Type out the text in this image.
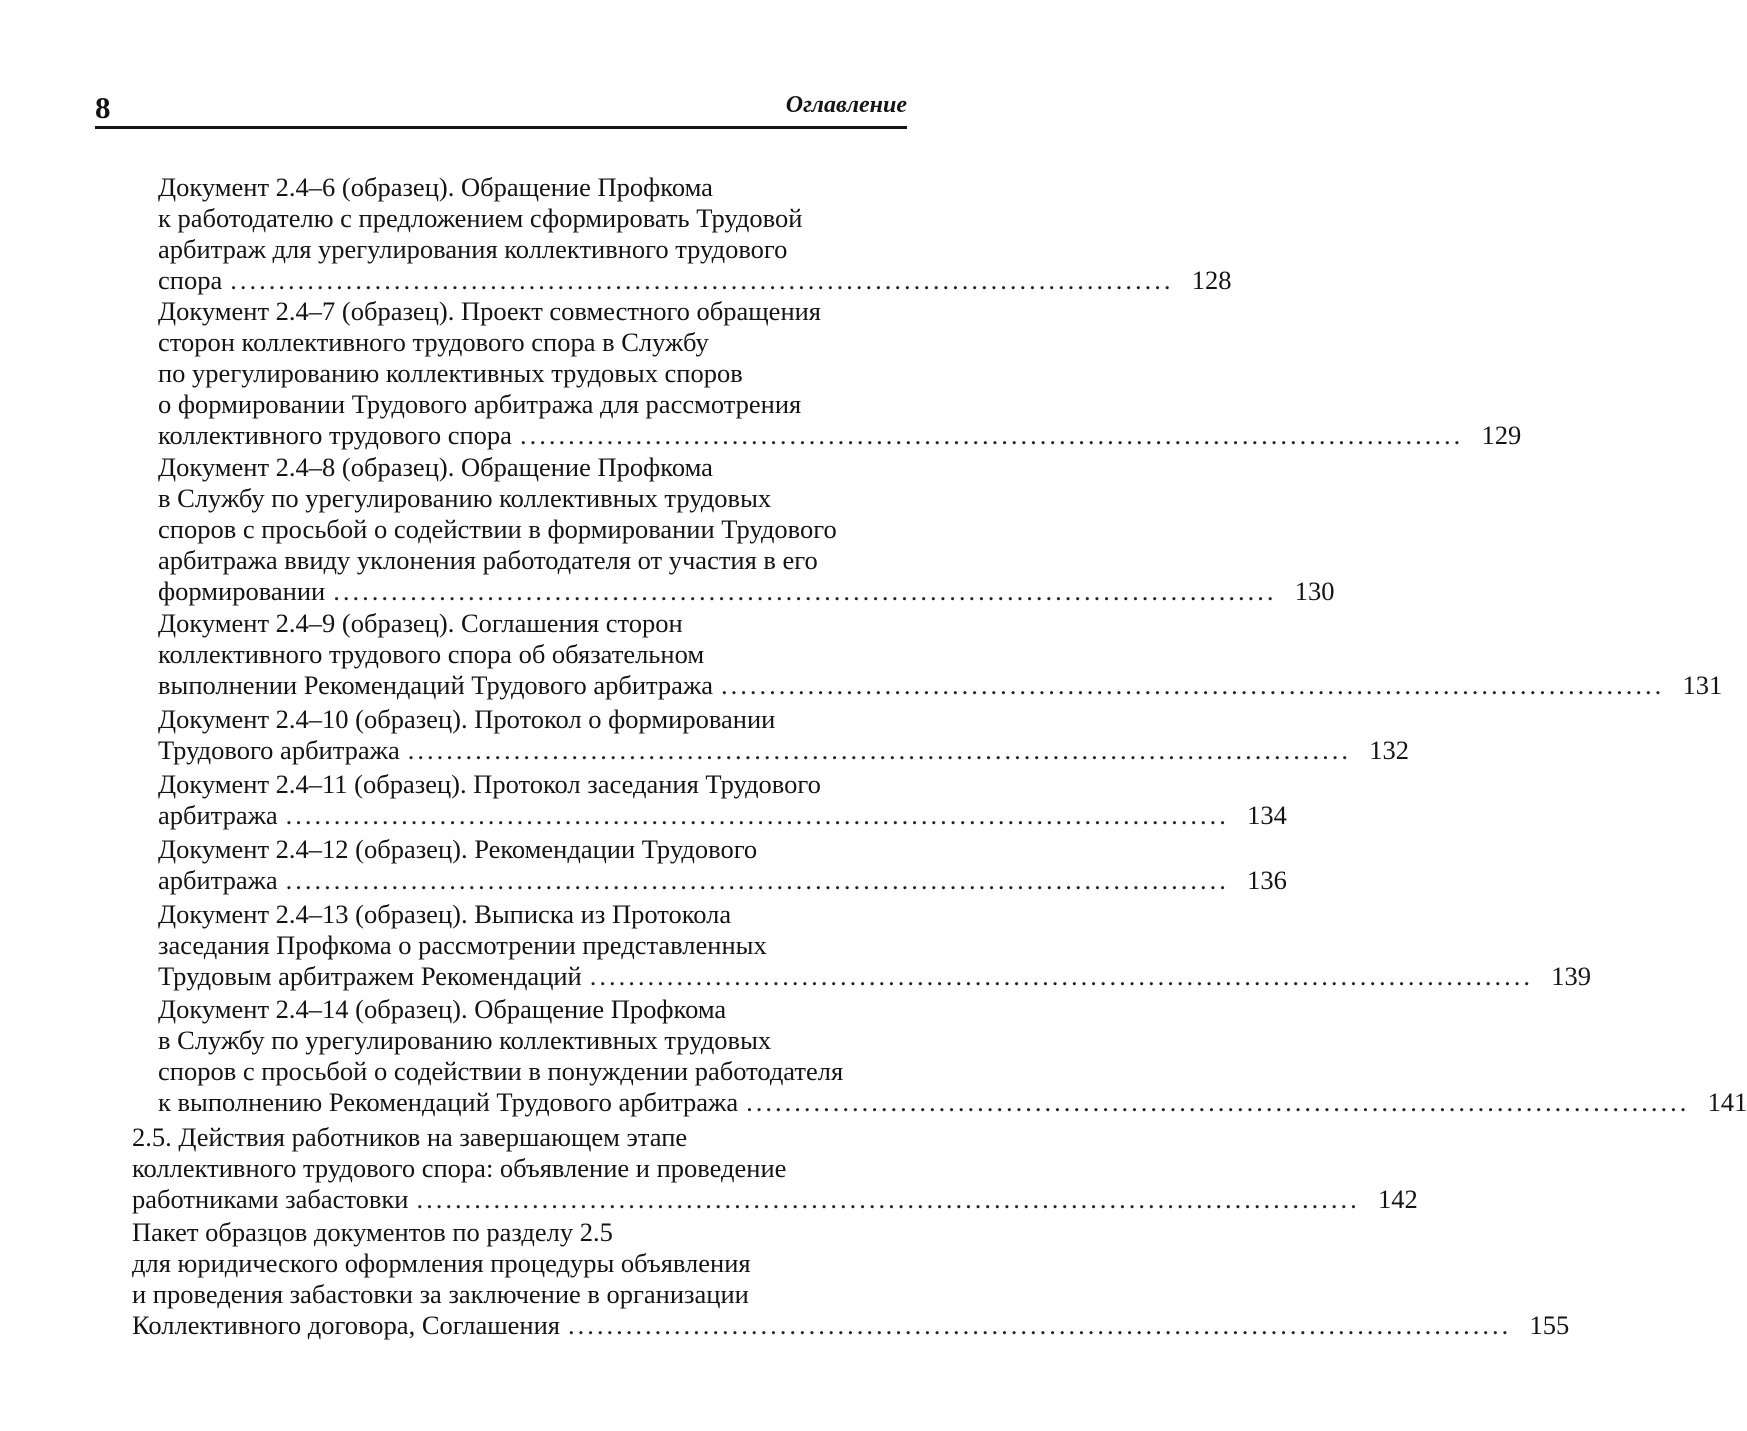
8	Оглавление
Документ 2.4–6 (образец). Обращение Профкома
к работодателю с предложением сформировать Трудовой
арбитраж для урегулирования коллективного трудового
спора .................................................................................................. 128
Документ 2.4–7 (образец). Проект совместного обращения
сторон коллективного трудового спора в Службу
по урегулированию коллективных трудовых споров
о формировании Трудового арбитража для рассмотрения
коллективного трудового спора .................................................................................................. 129
Документ 2.4–8 (образец). Обращение Профкома
в Службу по урегулированию коллективных трудовых
споров с просьбой о содействии в формировании Трудового
арбитража ввиду уклонения работодателя от участия в его
формировании .................................................................................................. 130
Документ 2.4–9 (образец). Соглашения сторон
коллективного трудового спора об обязательном
выполнении Рекомендаций Трудового арбитража .................................................................................................. 131
Документ 2.4–10 (образец). Протокол о формировании
Трудового арбитража .................................................................................................. 132
Документ 2.4–11 (образец). Протокол заседания Трудового
арбитража .................................................................................................. 134
Документ 2.4–12 (образец). Рекомендации Трудового
арбитража .................................................................................................. 136
Документ 2.4–13 (образец). Выписка из Протокола
заседания Профкома о рассмотрении представленных
Трудовым арбитражем Рекомендаций .................................................................................................. 139
Документ 2.4–14 (образец). Обращение Профкома
в Службу по урегулированию коллективных трудовых
споров с просьбой о содействии в понуждении работодателя
к выполнению Рекомендаций Трудового арбитража .................................................................................................. 141
2.5. Действия работников на завершающем этапе
коллективного трудового спора: объявление и проведение
работниками забастовки .................................................................................................. 142
Пакет образцов документов по разделу 2.5
для юридического оформления процедуры объявления
и проведения забастовки за заключение в организации
Коллективного договора, Соглашения .................................................................................................. 155
